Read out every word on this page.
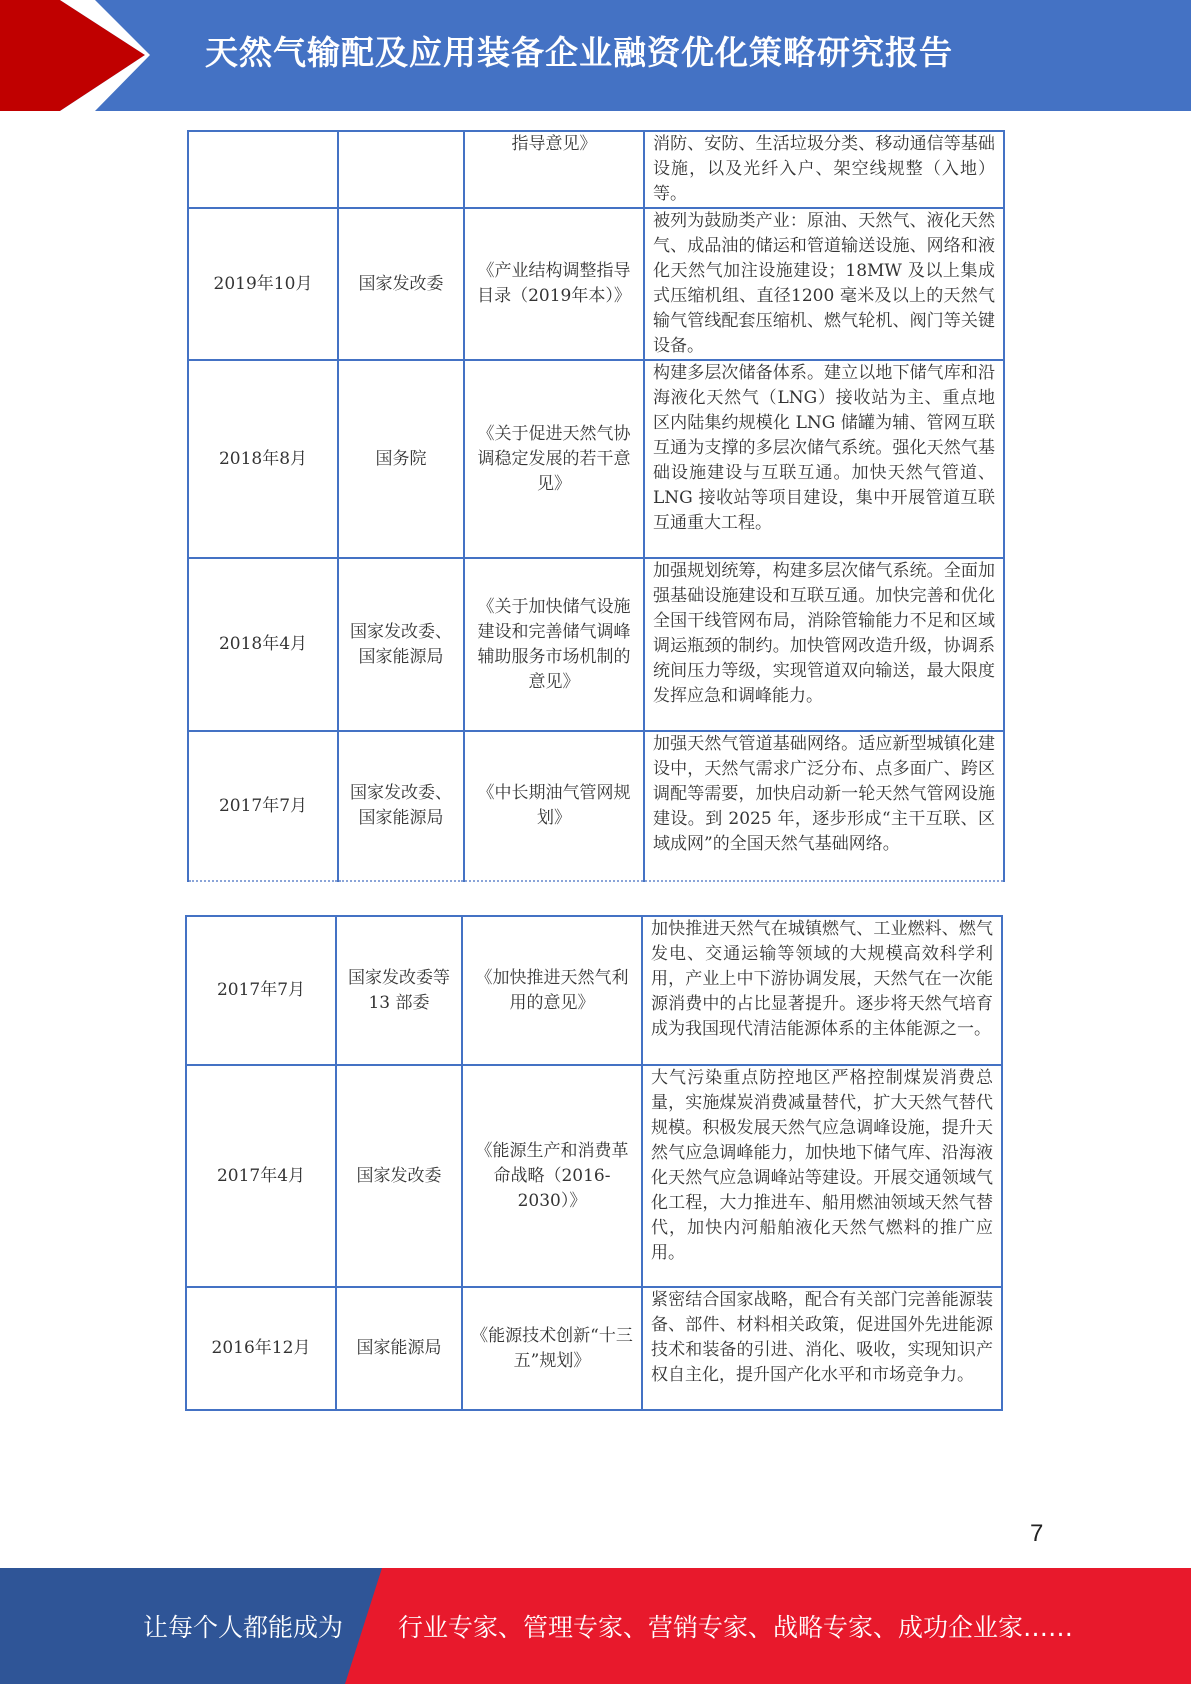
天然气输配及应用装备企业融资优化策略研究报告
		指导意见》	消防、安防、生活垃圾分类、移动通信等基础设施，以及光纤入户、架空线规整（入地）等。
2019年10月	国家发改委	《产业结构调整指导目录（2019年本）》	被列为鼓励类产业：原油、天然气、液化天然气、成品油的储运和管道输送设施、网络和液化天然气加注设施建设；18MW 及以上集成式压缩机组、直径1200 毫米及以上的天然气输气管线配套压缩机、燃气轮机、阀门等关键设备。
2018年8月	国务院	《关于促进天然气协调稳定发展的若干意见》	构建多层次储备体系。建立以地下储气库和沿海液化天然气（LNG）接收站为主、重点地区内陆集约规模化 LNG 储罐为辅、管网互联互通为支撑的多层次储气系统。强化天然气基础设施建设与互联互通。加快天然气管道、LNG 接收站等项目建设，集中开展管道互联互通重大工程。
2018年4月	国家发改委、国家能源局	《关于加快储气设施建设和完善储气调峰辅助服务市场机制的意见》	加强规划统筹，构建多层次储气系统。全面加强基础设施建设和互联互通。加快完善和优化全国干线管网布局，消除管输能力不足和区域调运瓶颈的制约。加快管网改造升级，协调系统间压力等级，实现管道双向输送，最大限度发挥应急和调峰能力。
2017年7月	国家发改委、国家能源局	《中长期油气管网规划》	加强天然气管道基础网络。适应新型城镇化建设中，天然气需求广泛分布、点多面广、跨区调配等需要，加快启动新一轮天然气管网设施建设。到 2025 年，逐步形成“主干互联、区域成网”的全国天然气基础网络。
2017年7月	国家发改委等 13 部委	《加快推进天然气利用的意见》	加快推进天然气在城镇燃气、工业燃料、燃气发电、交通运输等领域的大规模高效科学利用，产业上中下游协调发展，天然气在一次能源消费中的占比显著提升。逐步将天然气培育成为我国现代清洁能源体系的主体能源之一。
2017年4月	国家发改委	《能源生产和消费革命战略（2016-2030）》	大气污染重点防控地区严格控制煤炭消费总量，实施煤炭消费减量替代，扩大天然气替代规模。积极发展天然气应急调峰设施，提升天然气应急调峰能力，加快地下储气库、沿海液化天然气应急调峰站等建设。开展交通领域气化工程，大力推进车、船用燃油领域天然气替代，加快内河船舶液化天然气燃料的推广应用。
2016年12月	国家能源局	《能源技术创新“十三五”规划》	紧密结合国家战略，配合有关部门完善能源装备、部件、材料相关政策，促进国外先进能源技术和装备的引进、消化、吸收，实现知识产权自主化，提升国产化水平和市场竞争力。
7
让每个人都能成为 行业专家、管理专家、营销专家、战略专家、成功企业家……
